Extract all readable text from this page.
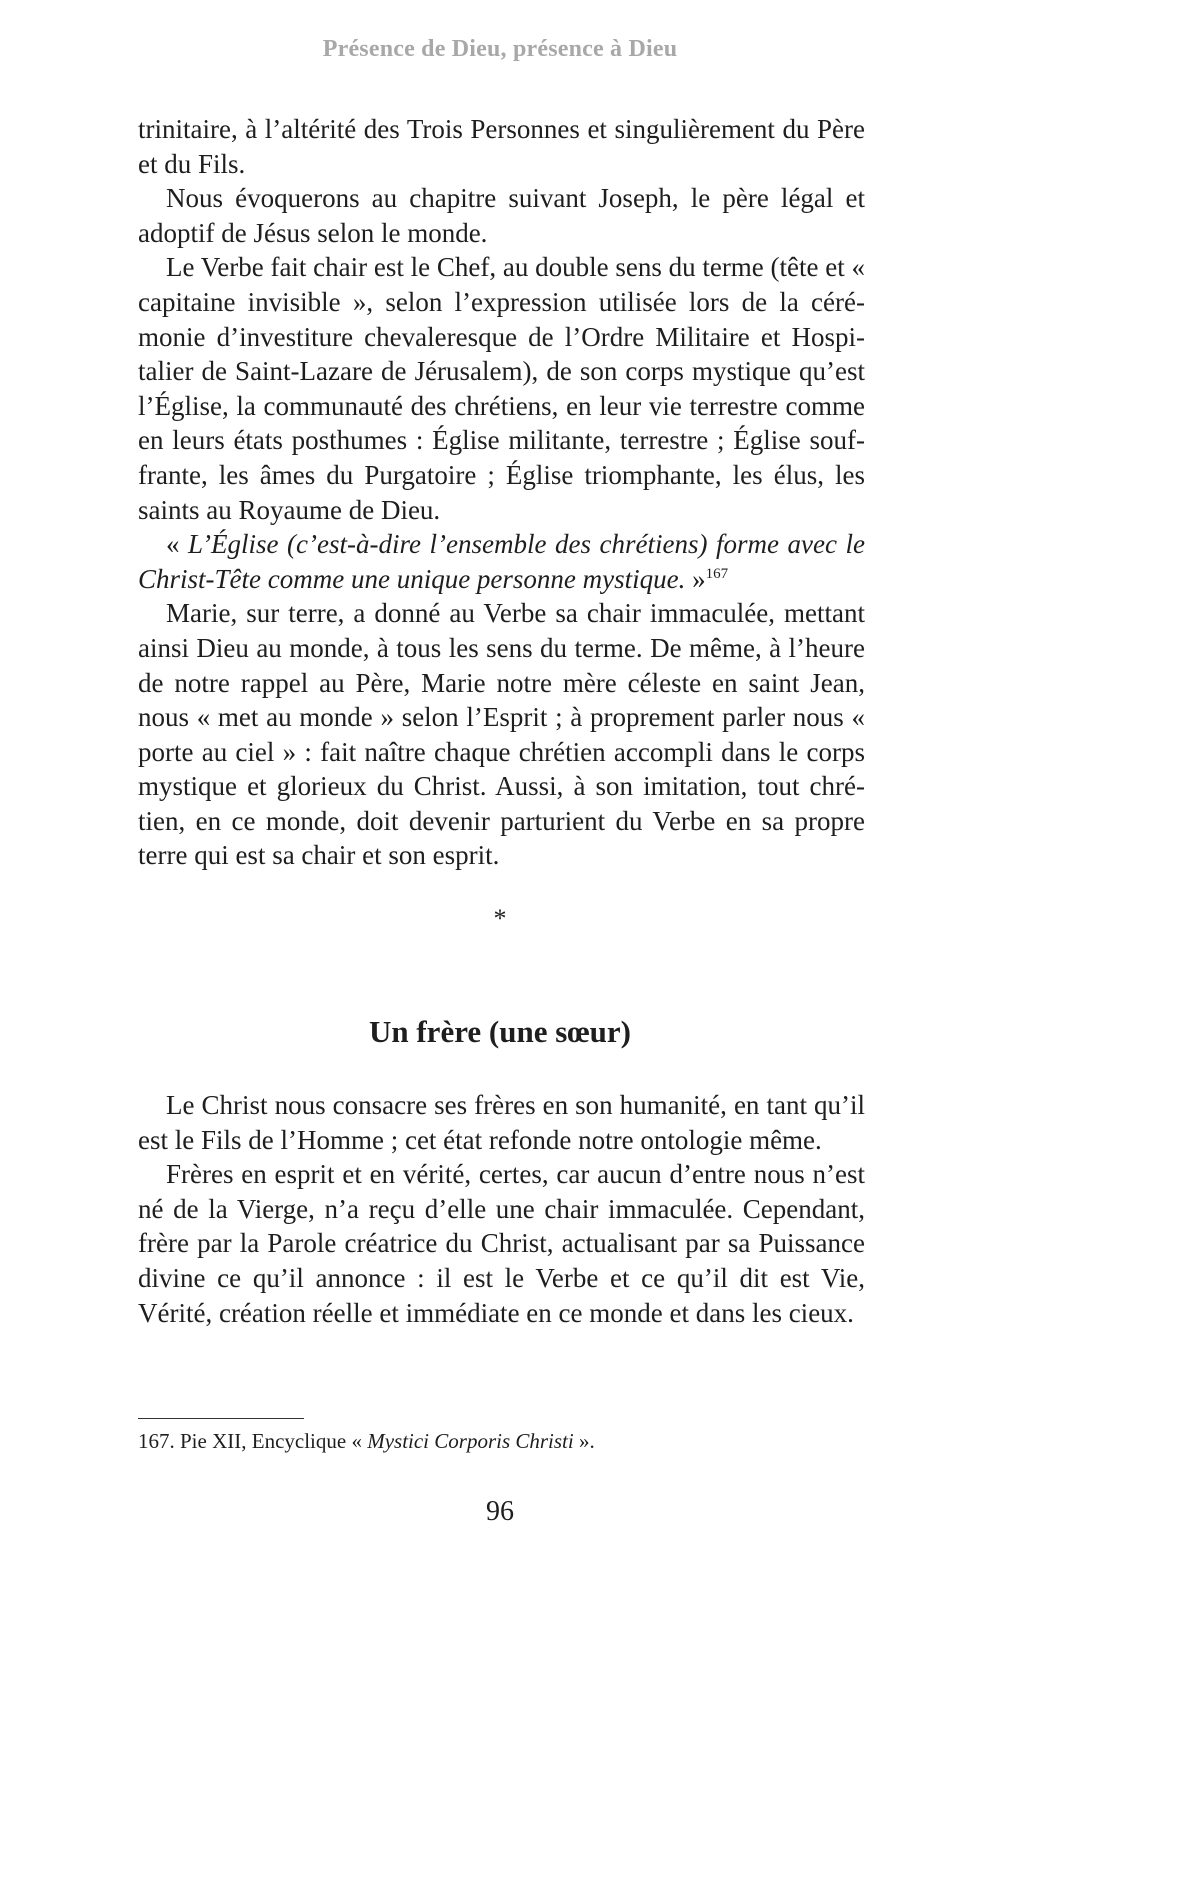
Présence de Dieu, présence à Dieu

trinitaire, à l’altérité des Trois Personnes et singulièrement du Père et du Fils.

Nous évoquerons au chapitre suivant Joseph, le père légal et adoptif de Jésus selon le monde.

Le Verbe fait chair est le Chef, au double sens du terme (tête et « capitaine invisible », selon l’expression utilisée lors de la cérémonie d’investiture chevaleresque de l’Ordre Militaire et Hospitalier de Saint-Lazare de Jérusalem), de son corps mystique qu’est l’Église, la communauté des chrétiens, en leur vie terrestre comme en leurs états posthumes : Église militante, terrestre ; Église souffrante, les âmes du Purgatoire ; Église triomphante, les élus, les saints au Royaume de Dieu.

« L’Église (c’est-à-dire l’ensemble des chrétiens) forme avec le Christ-Tête comme une unique personne mystique. »$^{167}$

Marie, sur terre, a donné au Verbe sa chair immaculée, mettant ainsi Dieu au monde, à tous les sens du terme. De même, à l’heure de notre rappel au Père, Marie notre mère céleste en saint Jean, nous « met au monde » selon l’Esprit ; à proprement parler nous « porte au ciel » : fait naître chaque chrétien accompli dans le corps mystique et glorieux du Christ. Aussi, à son imitation, tout chrétien, en ce monde, doit devenir parturient du Verbe en sa propre terre qui est sa chair et son esprit.

*
Un frère (une sœur)

Le Christ nous consacre ses frères en son humanité, en tant qu’il est le Fils de l’Homme ; cet état refonde notre ontologie même.

Frères en esprit et en vérité, certes, car aucun d’entre nous n’est né de la Vierge, n’a reçu d’elle une chair immaculée. Cependant, frère par la Parole créatrice du Christ, actualisant par sa Puissance divine ce qu’il annonce : il est le Verbe et ce qu’il dit est Vie, Vérité, création réelle et immédiate en ce monde et dans les cieux.

167. Pie XII, Encyclique « Mystici Corporis Christi ».

96
